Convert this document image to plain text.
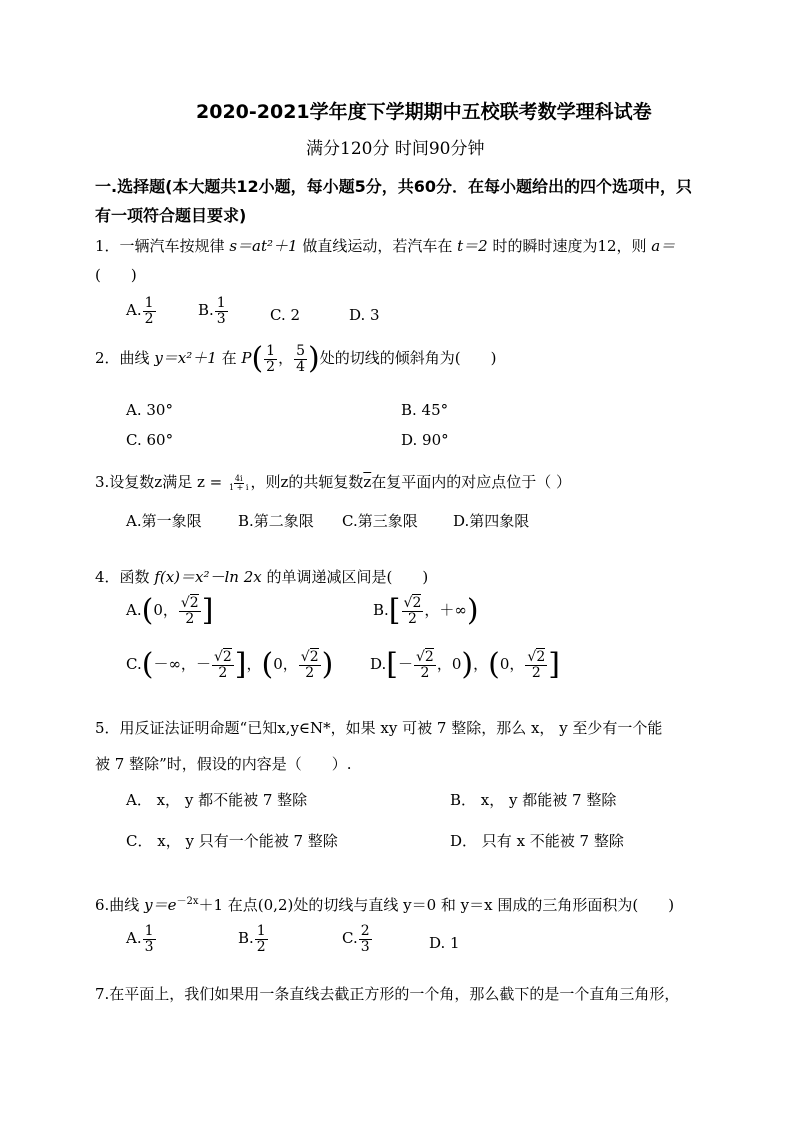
2020-2021学年度下学期期中五校联考数学理科试卷
满分120分 时间90分钟
一.选择题(本大题共12小题，每小题5分，共60分．在每小题给出的四个选项中，只
有一项符合题目要求)
1．一辆汽车按规律 s＝at²＋1 做直线运动，若汽车在 t＝2 时的瞬时速度为12，则 a＝
(　　)
A. $\frac{1}{2}$	B. $\frac{1}{3}$	C. 2	D. 3
2．曲线 y＝x²＋1 在 $P( \frac{1}{2}$ ， $\frac{5}{4}$ )处的切线的倾斜角为(　　)
A. 30°	B. 45°
C. 60°	D. 90°
3.设复数z满足 $z = \frac{4i}{1 + i}$ ，则z的共轭复数$\overline{z}$在复平面内的对应点位于（ ）
A.第一象限 B.第二象限 C.第三象限 D.第四象限
4．函数 f(x)＝x²－ln 2x 的单调递减区间是(　　)
A.(0， $\frac{√2}{2}$ ]	$B.[ \frac{√2}{2}$ ，＋∞)
C.(－∞，－ $\frac{√2}{2}$ ]，(0， $\frac{√2}{2}$ ) $D.[- \frac{√2}{2}$ ，0)，(0， $\frac{√2}{2}$ ]
5．用反证法证明命题“已知x,y∈N*，如果 xy 可被 7 整除，那么 x， y 至少有一个能
被 7 整除”时，假设的内容是（　　）.
A． x， y 都不能被 7 整除	B． x， y 都能被 7 整除
C． x， y 只有一个能被 7 整除	D． 只有 x 不能被 7 整除
6.曲线 $y=e^{-2x}+1$ 在点(0,2)处的切线与直线 y＝0 和 y＝x 围成的三角形面积为(　　)
A. $\frac{1}{3}$	B. $\frac{1}{2}$	C. $\frac{2}{3}$	D. 1
7.在平面上，我们如果用一条直线去截正方形的一个角，那么截下的是一个直角三角形，
